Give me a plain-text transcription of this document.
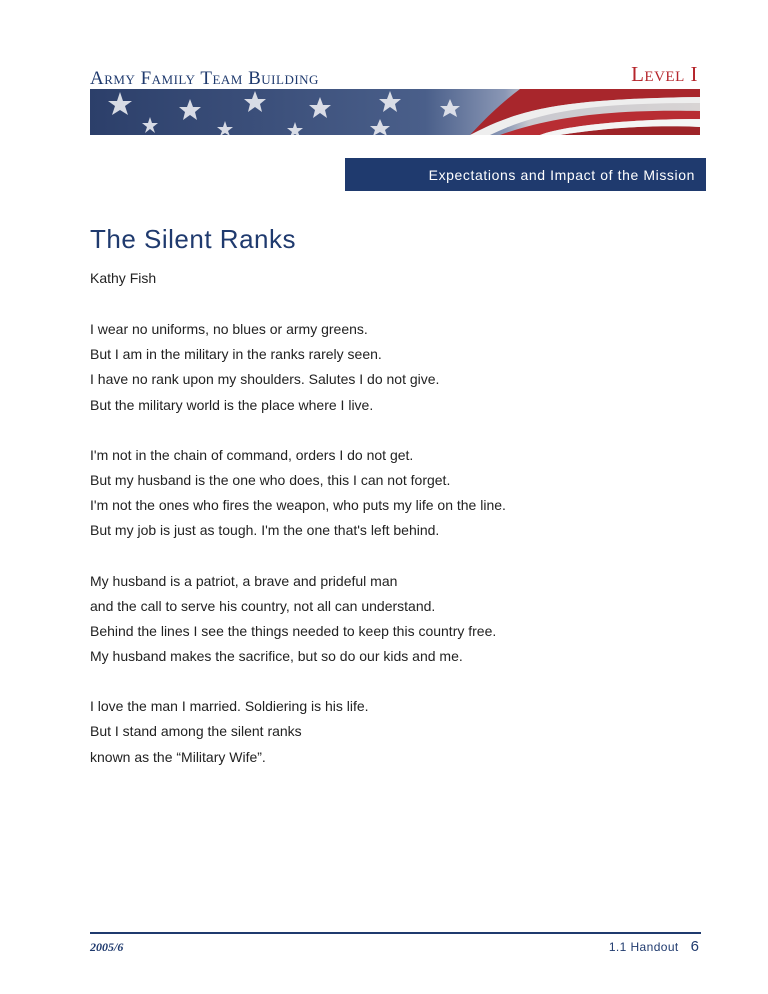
Army Family Team Building	Level I
Expectations and Impact of the Mission
The Silent Ranks
Kathy Fish
I wear no uniforms, no blues or army greens.
But I am in the military in the ranks rarely seen.
I have no rank upon my shoulders. Salutes I do not give.
But the military world is the place where I live.
I'm not in the chain of command, orders I do not get.
But my husband is the one who does, this I can not forget.
I'm not the ones who fires the weapon, who puts my life on the line.
But my job is just as tough. I'm the one that's left behind.
My husband is a patriot, a brave and prideful man
and the call to serve his country, not all can understand.
Behind the lines I see the things needed to keep this country free.
My husband makes the sacrifice, but so do our kids and me.
I love the man I married. Soldiering is his life.
But I stand among the silent ranks
known as the “Military Wife”.
2005/6	1.1 Handout 6
